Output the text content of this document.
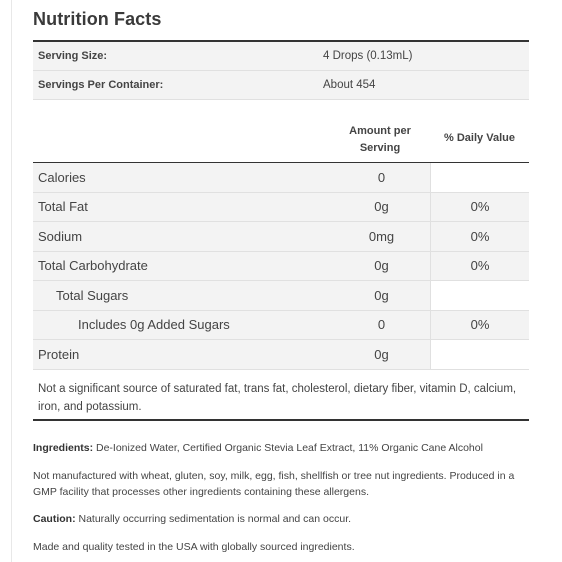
Nutrition Facts
Serving Size:	4 Drops (0.13mL)
Servings Per Container:	About 454
Amount per
Serving
% Daily Value
Calories	0
Total Fat	0g	0%
Sodium	0mg	0%
Total Carbohydrate	0g	0%
Total Sugars	0g
Includes 0g Added Sugars	0	0%
Protein	0g
Not a significant source of saturated fat, trans fat, cholesterol, dietary fiber, vitamin D, calcium, iron, and potassium.
Ingredients: De-Ionized Water, Certified Organic Stevia Leaf Extract, 11% Organic Cane Alcohol
Not manufactured with wheat, gluten, soy, milk, egg, fish, shellfish or tree nut ingredients. Produced in a GMP facility that processes other ingredients containing these allergens.
Caution: Naturally occurring sedimentation is normal and can occur.
Made and quality tested in the USA with globally sourced ingredients.
